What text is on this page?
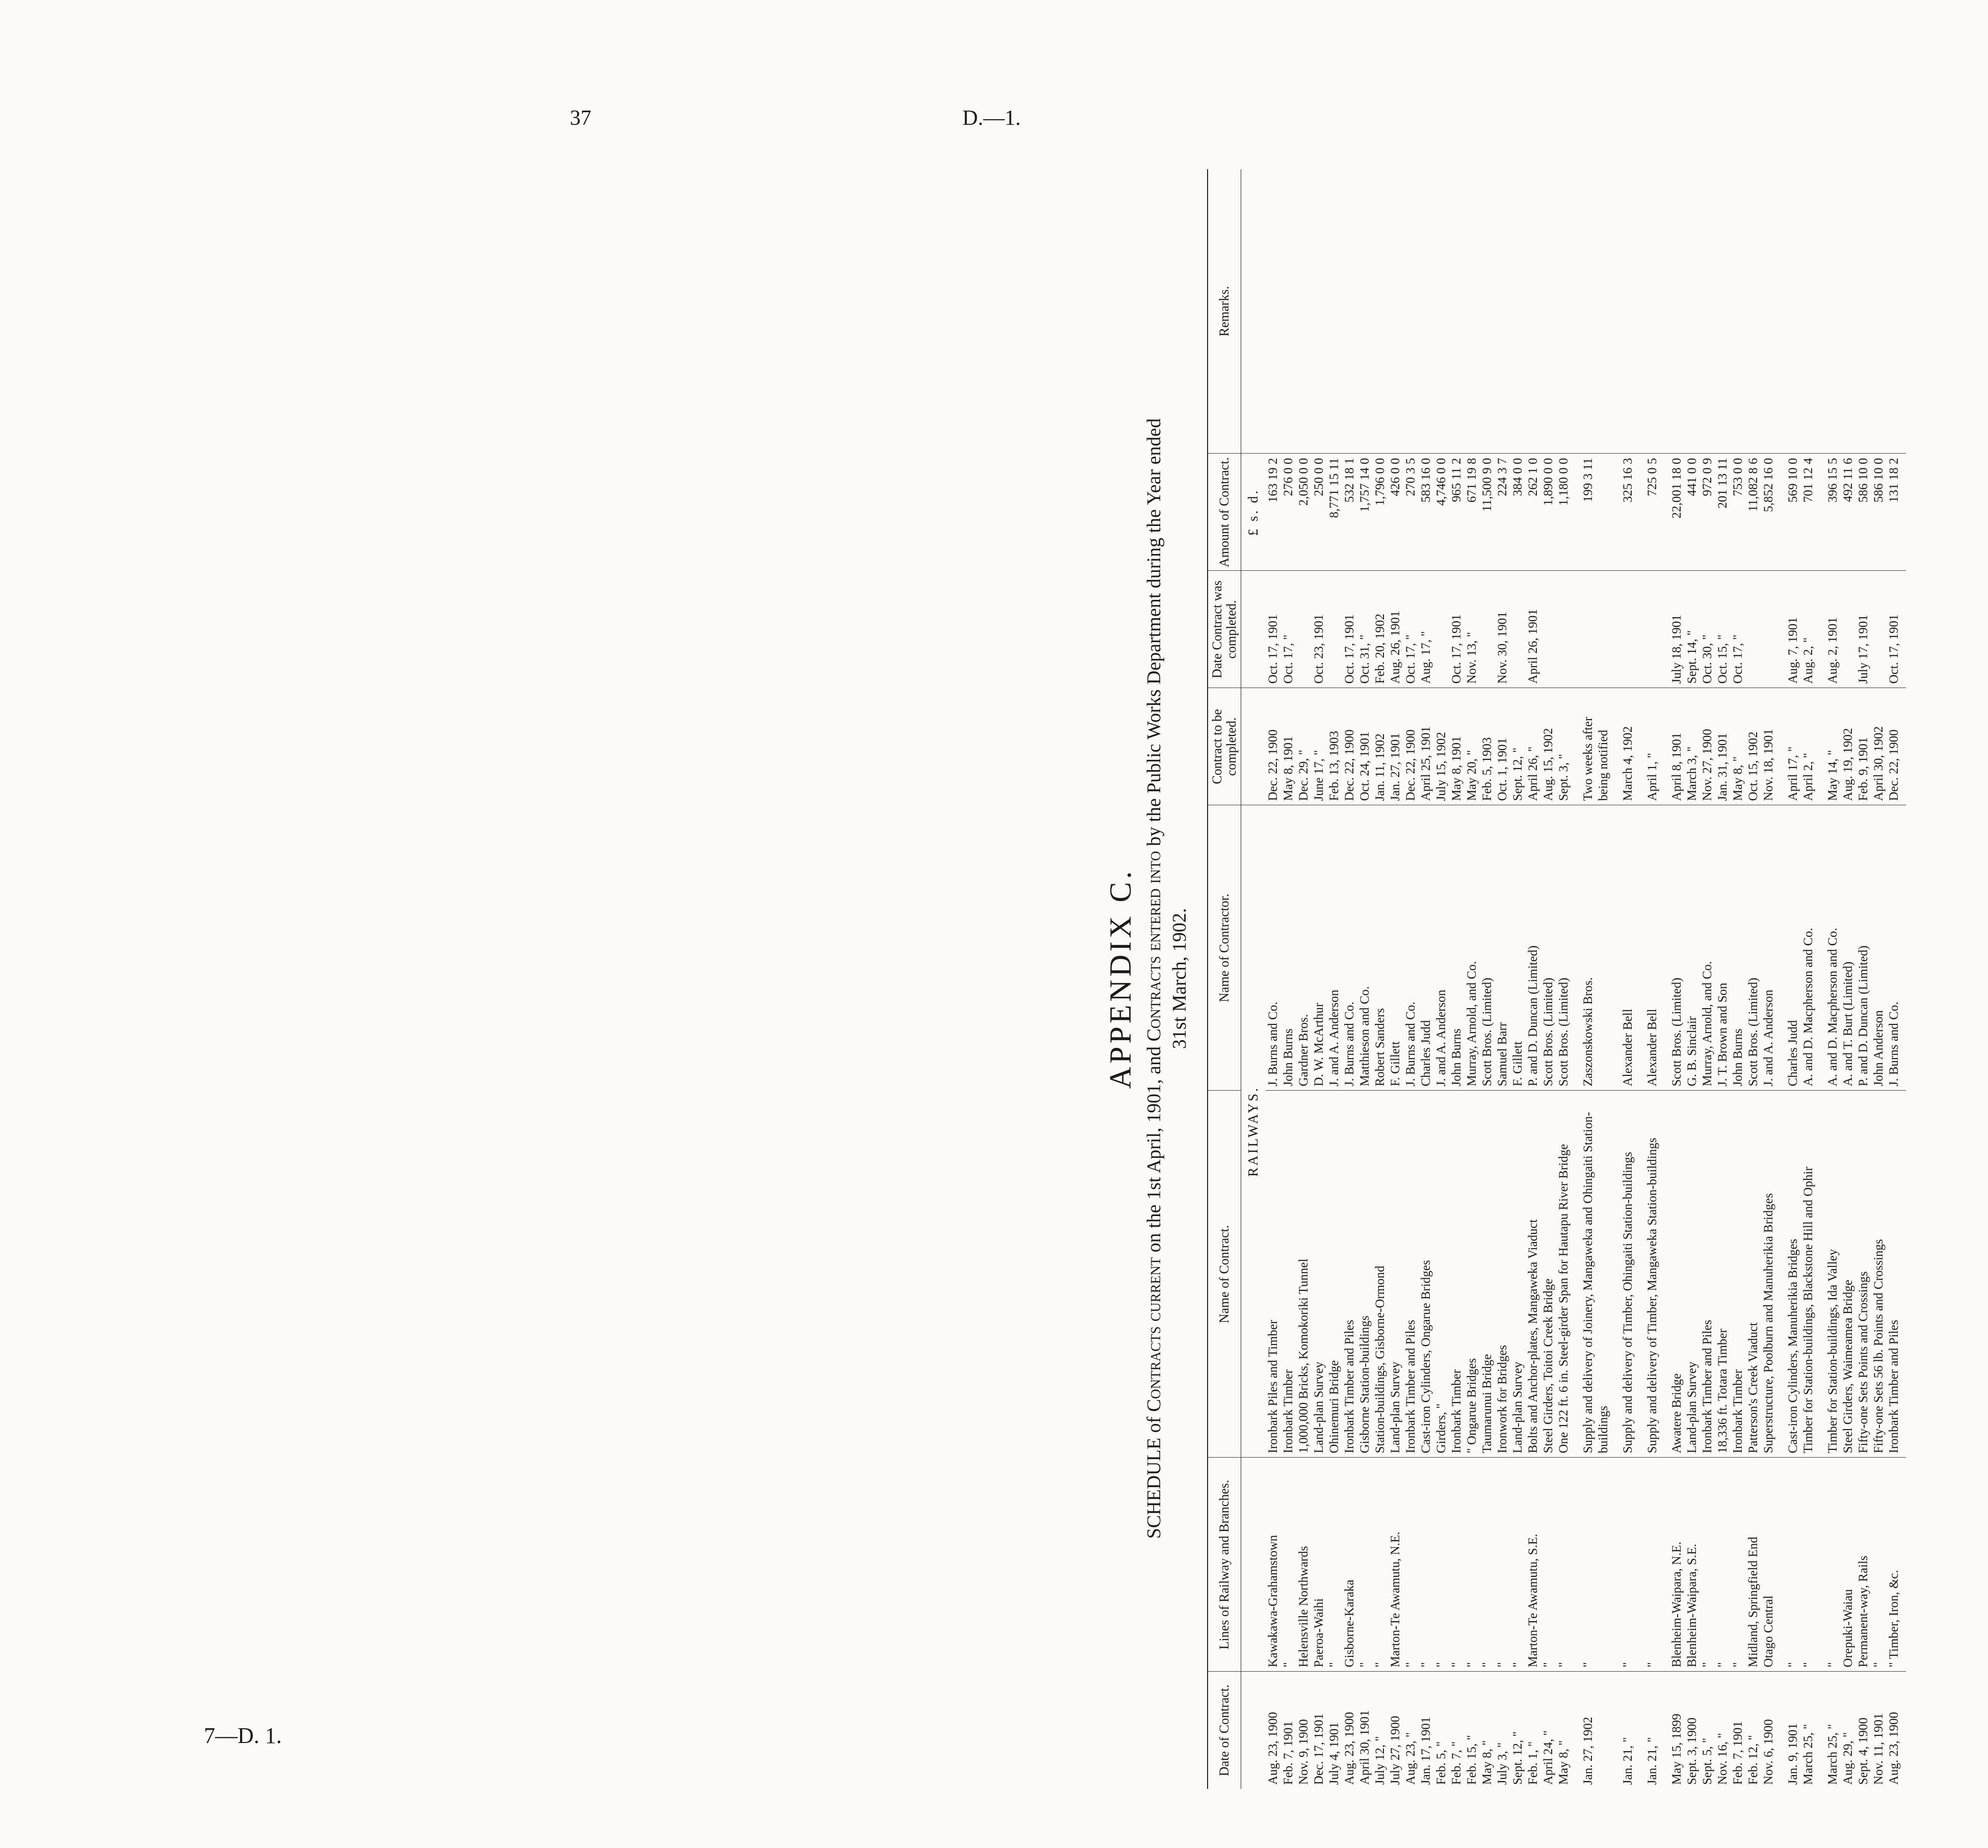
37	D.—1.
7—D. 1.
APPENDIX C.
SCHEDULE of Contracts current on the 1st April, 1901, and Contracts entered into by the Public Works Department during the Year ended
31st March, 1902.
Date of Contract.	Lines of Railway and Branches.	Name of Contract.	Name of Contractor.	Contract to be completed.	Date Contract was completed.	Amount of Contract.	Remarks.
		RAILWAYS.				£ s. d.	
Aug. 23, 1900	Kawakawa-Grahamstown	Ironbark Piles and Timber	J. Burns and Co.	Dec. 22, 1900	Oct. 17, 1901	163 19 2	
Feb. 7, 1901	"	Ironbark Timber	John Burns	May 8, 1901	Oct. 17, "	276 0 0	
Nov. 9, 1900	Helensville Northwards	1,000,000 Bricks, Komokoriki Tunnel	Gardner Bros.	Dec. 29, "		2,050 0 0	
Dec. 17, 1901	Paeroa-Waihi	Land-plan Survey	D. W. McArthur	June 17, "	Oct. 23, 1901	250 0 0	
July 4, 1901	"	Ohinemuri Bridge	J. and A. Anderson	Feb. 13, 1903		8,771 15 11	
Aug. 23, 1900	Gisborne-Karaka	Ironbark Timber and Piles	J. Burns and Co.	Dec. 22, 1900	Oct. 17, 1901	532 18 1	
April 30, 1901	"	Gisborne Station-buildings	Matthieson and Co.	Oct. 24, 1901	Oct. 31, "	1,757 14 0	
July 12, "	"	Station-buildings, Gisborne-Ormond	Robert Sanders	Jan. 11, 1902	Feb. 20, 1902	1,796 0 0	
July 27, 1900	Marton-Te Awamutu, N.E.	Land-plan Survey	F. Gillett	Jan. 27, 1901	Aug. 26, 1901	426 0 0	
Aug. 23, "	"	Ironbark Timber and Piles	J. Burns and Co.	Dec. 22, 1900	Oct. 17, "	270 3 5	
Jan. 17, 1901	"	Cast-iron Cylinders, Ongarue Bridges	Charles Judd	April 25, 1901	Aug. 17, "	583 16 0	
Feb. 5, "	"	Girders, "	J. and A. Anderson	July 15, 1902		4,746 0 0	
Feb. 7, "	"	Ironbark Timber	John Burns	May 8, 1901	Oct. 17, 1901	965 11 2	
Feb. 15, "	"	" Ongarue Bridges	Murray, Arnold, and Co.	May 20, "	Nov. 13, "	671 19 8	
May 8, "	"	Taumarunui Bridge	Scott Bros. (Limited)	Feb. 5, 1903		11,500 9 0	
July 3, "	"	Ironwork for Bridges	Samuel Barr	Oct. 1, 1901	Nov. 30, 1901	224 3 7	
Sept. 12, "	"	Land-plan Survey	F. Gillett	Sept. 12, "		384 0 0	
Feb. 1, "	Marton-Te Awamutu, S.E.	Bolts and Anchor-plates, Mangaweka Viaduct	P. and D. Duncan (Limited)	April 26, "	April 26, 1901	262 1 0	
April 24, "	"	Steel Girders, Toitoi Creek Bridge	Scott Bros. (Limited)	Aug. 15, 1902		1,890 0 0	
May 8, "	"	One 122 ft. 6 in. Steel-girder Span for Hautapu River Bridge	Scott Bros. (Limited)	Sept. 3, "		1,180 0 0	
Jan. 27, 1902	"	Supply and delivery of Joinery, Mangaweka and Ohingaiti Station-buildings	Zaszonskowski Bros.	Two weeks after being notified		199 3 11	
Jan. 21, "	"	Supply and delivery of Timber, Ohingaiti Station-buildings	Alexander Bell	March 4, 1902		325 16 3	
Jan. 21, "	"	Supply and delivery of Timber, Mangaweka Station-buildings	Alexander Bell	April 1, "		725 0 5	
May 15, 1899	Blenheim-Waipara, N.E.	Awatere Bridge	Scott Bros. (Limited)	April 8, 1901	July 18, 1901	22,001 18 0	
Sept. 3, 1900	Blenheim-Waipara, S.E.	Land-plan Survey	G. B. Sinclair	March 3, "	Sept. 14, "	441 0 0	
Sept. 5, "	"	Ironbark Timber and Piles	Murray, Arnold, and Co.	Nov. 27, 1900	Oct. 30, "	972 0 9	
Nov. 16, "	"	18,336 ft. Totara Timber	J. T. Brown and Son	Jan. 31, 1901	Oct. 15, "	201 13 11	
Feb. 7, 1901	"	Ironbark Timber	John Burns	May 8, "	Oct. 17, "	753 0 0	
Feb. 12, "	Midland, Springfield End	Patterson's Creek Viaduct	Scott Bros. (Limited)	Oct. 15, 1902		11,082 8 6	
Nov. 6, 1900	Otago Central	Superstructure, Poolburn and Manuherikia Bridges	J. and A. Anderson	Nov. 18, 1901		5,852 16 0	
Jan. 9, 1901	"	Cast-iron Cylinders, Manuherikia Bridges	Charles Judd	April 17, "	Aug. 7, 1901	569 10 0	
March 25, "	"	Timber for Station-buildings, Blackstone Hill and Ophir	A. and D. Macpherson and Co.	April 2, "	Aug. 2, "	701 12 4	
March 25, "	"	Timber for Station-buildings, Ida Valley	A. and D. Macpherson and Co.	May 14, "	Aug. 2, 1901	396 15 5	
Aug. 29, "	Orepuki-Waiau	Steel Girders, Waimeamea Bridge	A. and T. Burt (Limited)	Aug. 19, 1902		492 11 6	
Sept. 4, 1900	Permanent-way, Rails	Fifty-one Sets Points and Crossings	P. and D. Duncan (Limited)	Feb. 9, 1901	July 17, 1901	586 10 0	
Nov. 11, 1901	"	Fifty-one Sets 56 lb. Points and Crossings	John Anderson	April 30, 1902		586 10 0	
Aug. 23, 1900	" Timber, Iron, &c.	Ironbark Timber and Piles	J. Burns and Co.	Dec. 22, 1900	Oct. 17, 1901	131 18 2	
